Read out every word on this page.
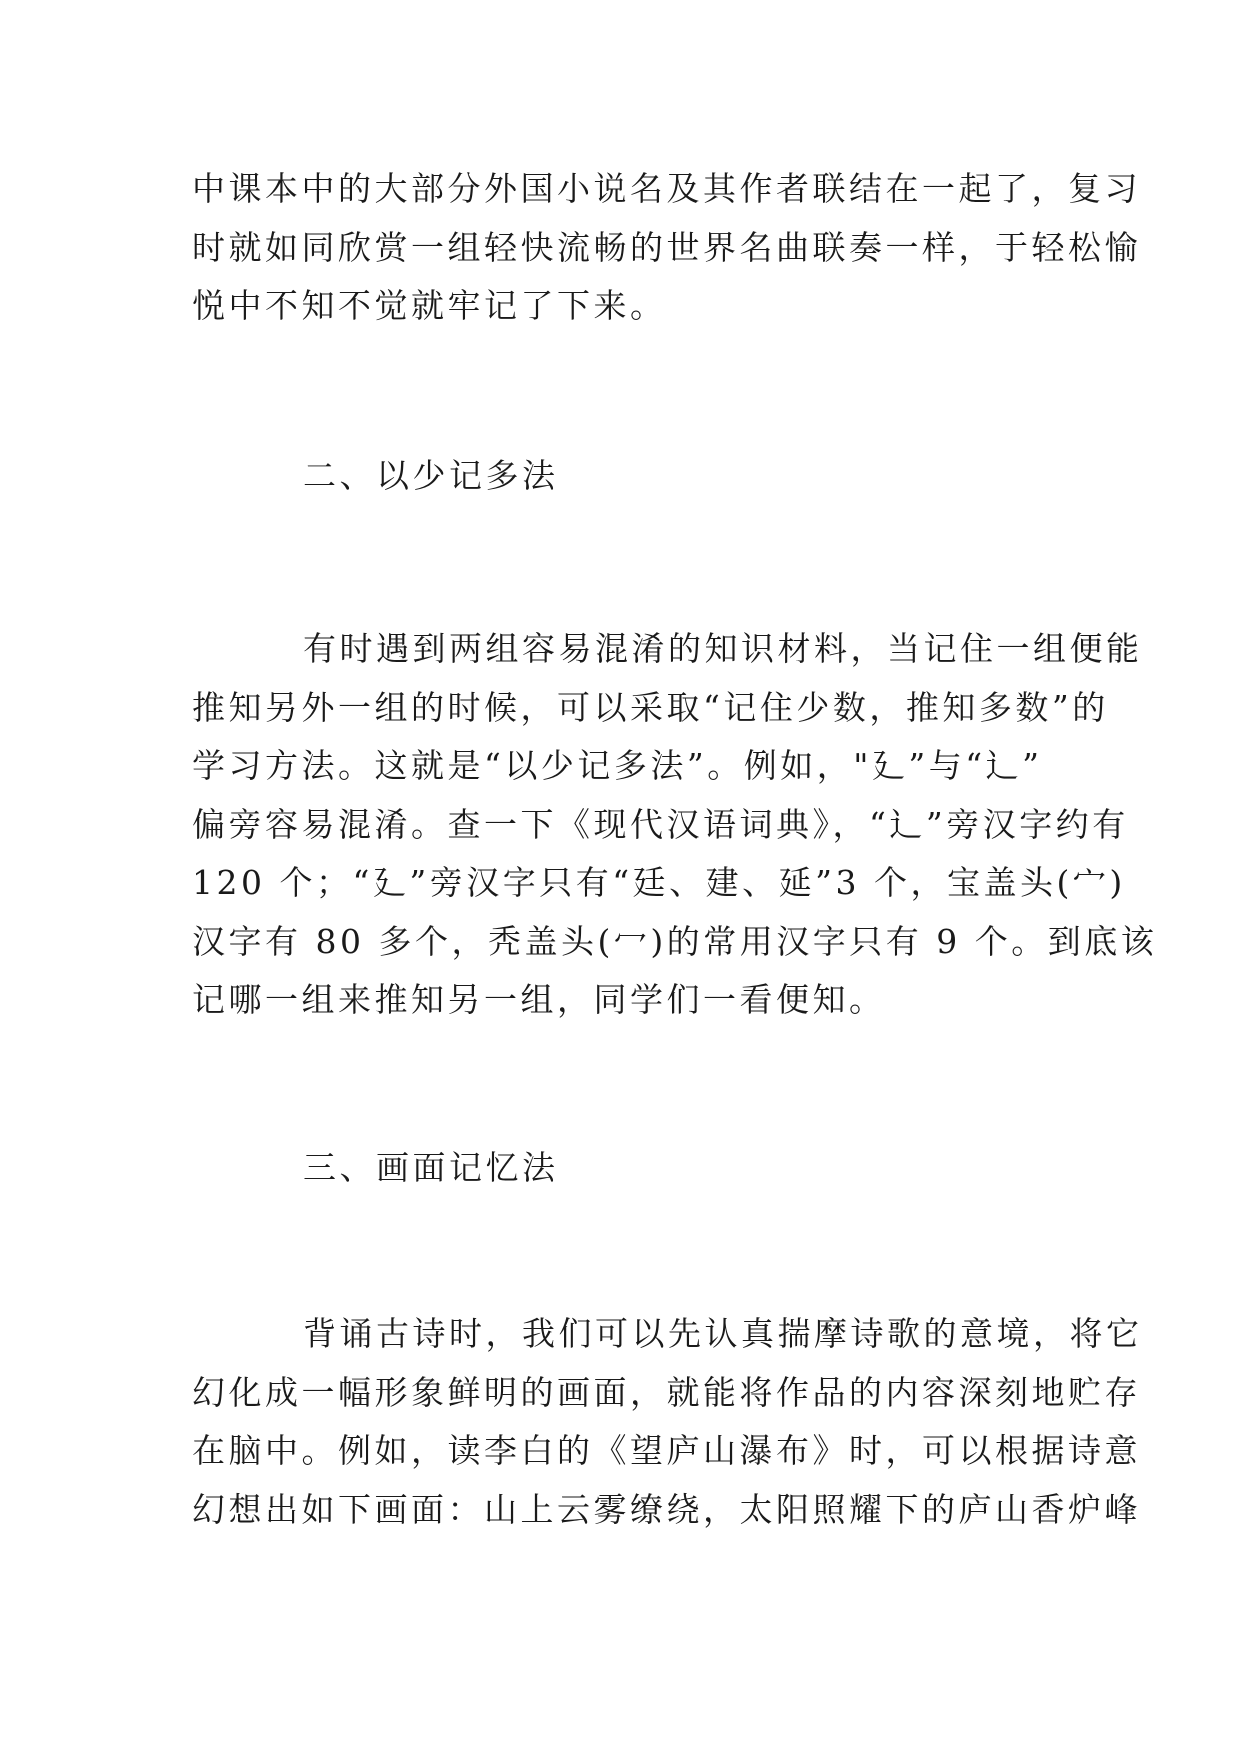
中课本中的大部分外国小说名及其作者联结在一起了，复习
时就如同欣赏一组轻快流畅的世界名曲联奏一样，于轻松愉
悦中不知不觉就牢记了下来。
二、以少记多法
有时遇到两组容易混淆的知识材料，当记住一组便能
推知另外一组的时候，可以采取“记住少数，推知多数”的
学习方法。这就是“以少记多法”。例如，"廴”与“辶”
偏旁容易混淆。查一下《现代汉语词典》，“辶”旁汉字约有
120 个；“廴”旁汉字只有“廷、建、延”3 个，宝盖头(宀)
汉字有 80 多个，秃盖头(冖)的常用汉字只有 9 个。到底该
记哪一组来推知另一组，同学们一看便知。
三、画面记忆法
背诵古诗时，我们可以先认真揣摩诗歌的意境，将它
幻化成一幅形象鲜明的画面，就能将作品的内容深刻地贮存
在脑中。例如，读李白的《望庐山瀑布》时，可以根据诗意
幻想出如下画面：山上云雾缭绕，太阳照耀下的庐山香炉峰
